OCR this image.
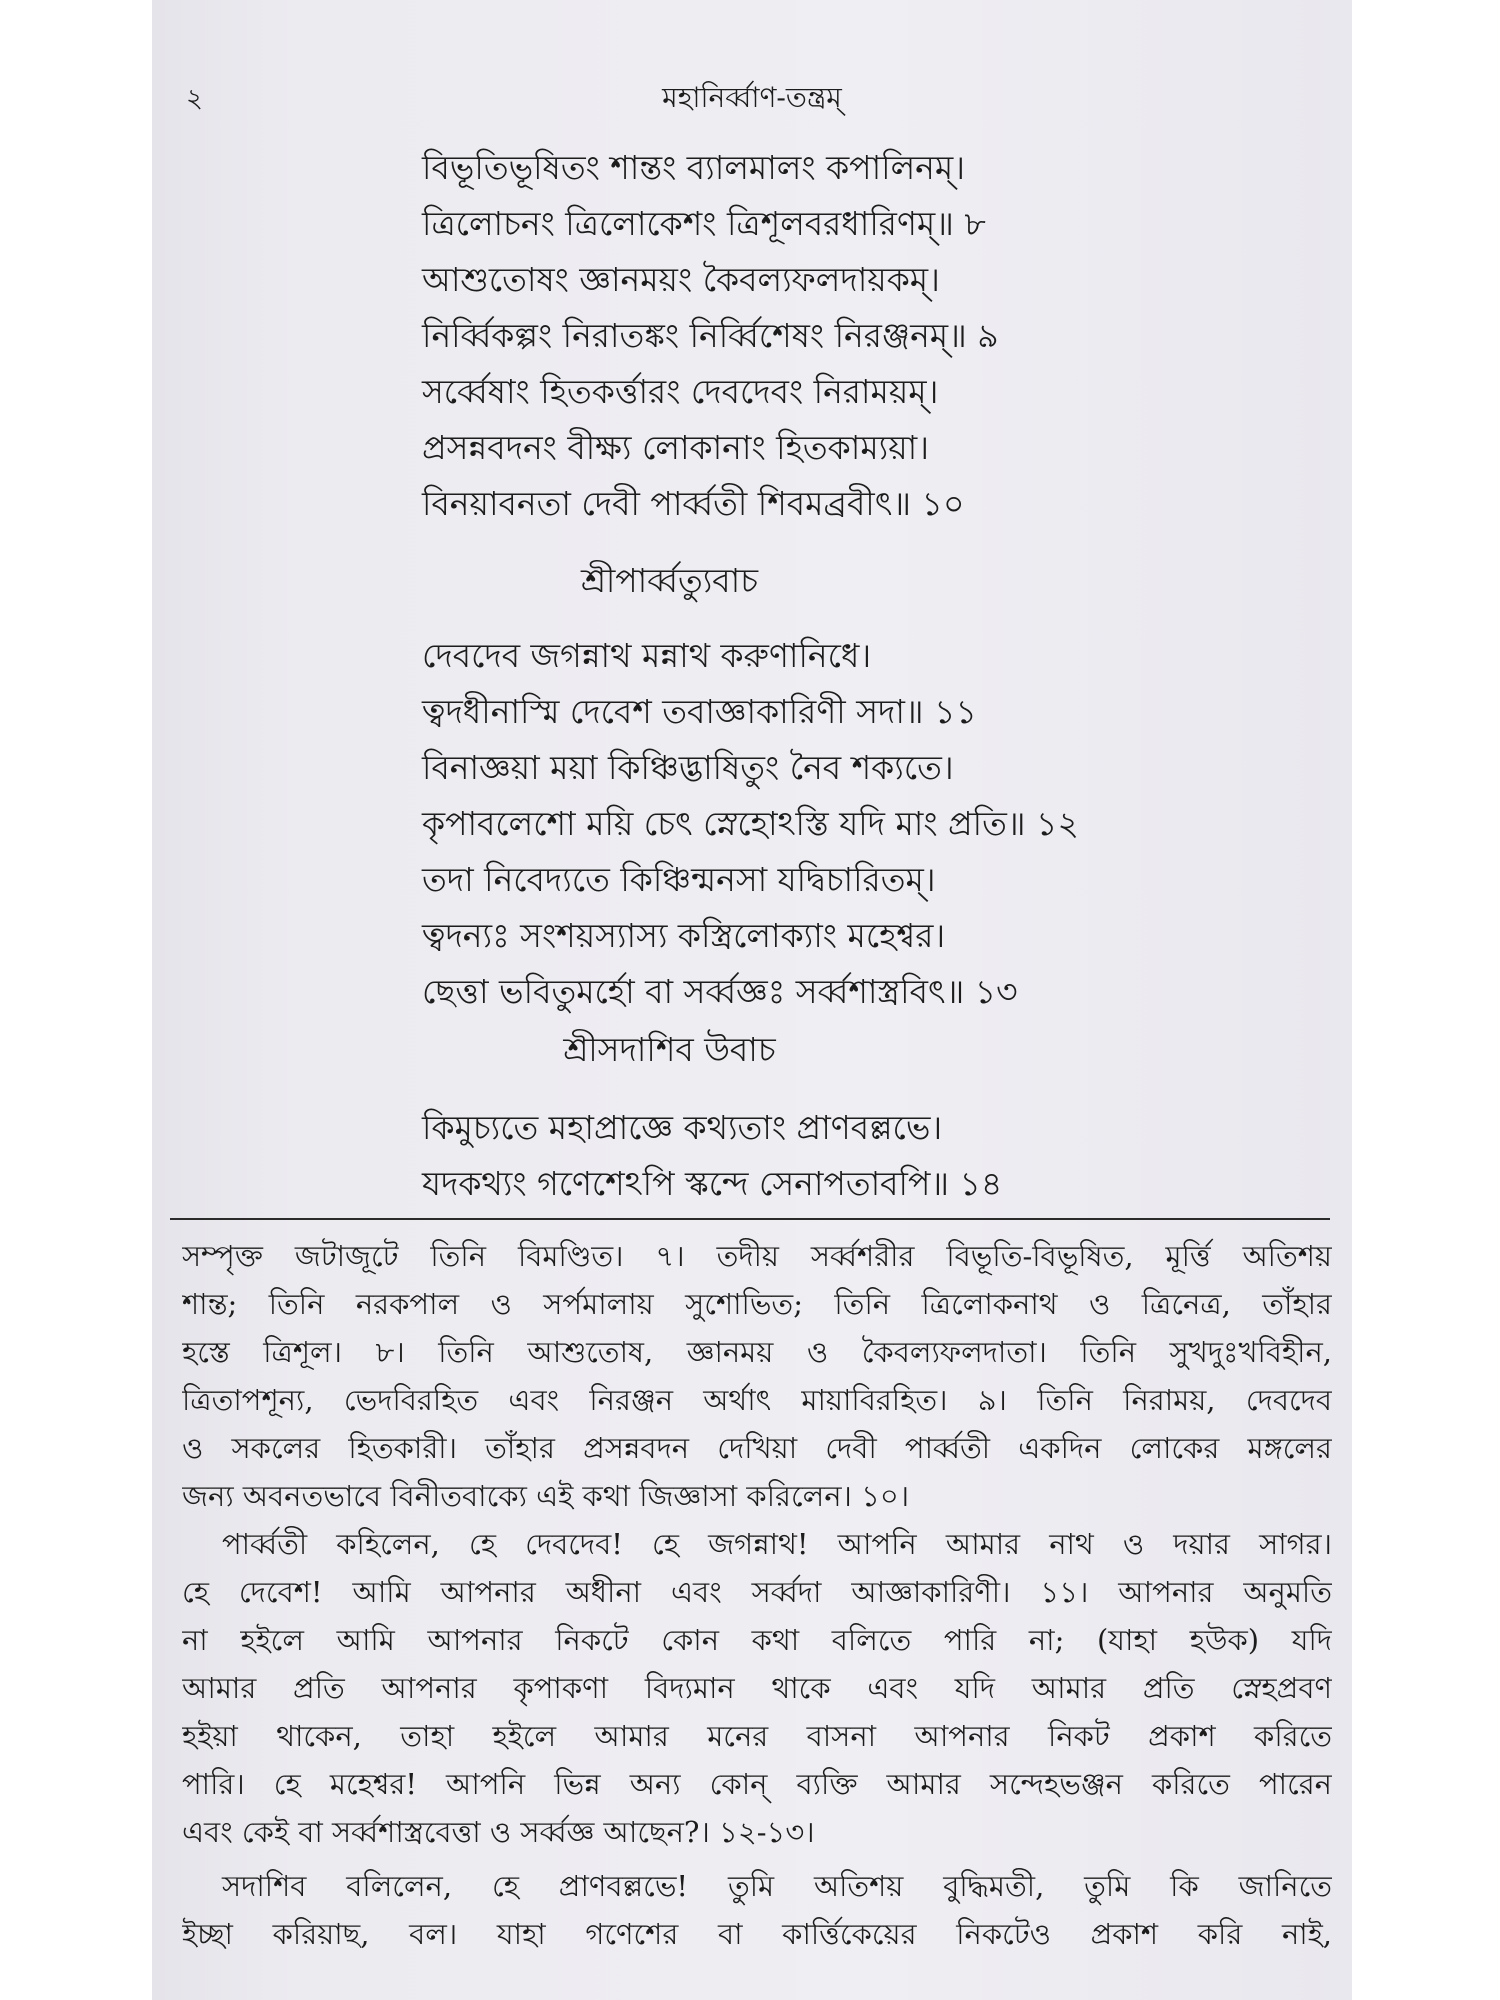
২	মহানির্ব্বাণ-তন্ত্রম্
বিভূতিভূষিতং শান্তং ব্যালমালং কপালিনম্।
ত্রিলোচনং ত্রিলোকেশং ত্রিশূলবরধারিণম্॥ ৮
আশুতোষং জ্ঞানময়ং কৈবল্যফলদায়কম্।
নির্ব্বিকল্পং নিরাতঙ্কং নির্ব্বিশেষং নিরঞ্জনম্॥ ৯
সর্ব্বেষাং হিতকর্ত্তারং দেবদেবং নিরাময়ম্।
প্রসন্নবদনং বীক্ষ্য লোকানাং হিতকাম্যয়া।
বিনয়াবনতা দেবী পার্ব্বতী শিবমব্রবীৎ॥ ১০
শ্রীপার্ব্বত্যুবাচ
দেবদেব জগন্নাথ মন্নাথ করুণানিধে।
ত্বদধীনাস্মি দেবেশ তবাজ্ঞাকারিণী সদা॥ ১১
বিনাজ্ঞয়া ময়া কিঞ্চিদ্ভাষিতুং নৈব শক্যতে।
কৃপাবলেশো ময়ি চেৎ স্নেহোঽস্তি যদি মাং প্রতি॥ ১২
তদা নিবেদ্যতে কিঞ্চিন্মনসা যদ্বিচারিতম্।
ত্বদন্যঃ সংশয়স্যাস্য কস্ত্রিলোক্যাং মহেশ্বর।
ছেত্তা ভবিতুমর্হো বা সর্ব্বজ্ঞঃ সর্ব্বশাস্ত্রবিৎ॥ ১৩
শ্রীসদাশিব উবাচ
কিমুচ্যতে মহাপ্রাজ্ঞে কথ্যতাং প্রাণবল্লভে।
যদকথ্যং গণেশেঽপি স্কন্দে সেনাপতাবপি॥ ১৪
সম্পৃক্ত জটাজূটে তিনি বিমণ্ডিত। ৭। তদীয় সর্ব্বশরীর বিভূতি-বিভূষিত, মূর্ত্তি অতিশয়
শান্ত; তিনি নরকপাল ও সর্পমালায় সুশোভিত; তিনি ত্রিলোকনাথ ও ত্রিনেত্র, তাঁহার
হস্তে ত্রিশূল। ৮। তিনি আশুতোষ, জ্ঞানময় ও কৈবল্যফলদাতা। তিনি সুখদুঃখবিহীন,
ত্রিতাপশূন্য, ভেদবিরহিত এবং নিরঞ্জন অর্থাৎ মায়াবিরহিত। ৯। তিনি নিরাময়, দেবদেব
ও সকলের হিতকারী। তাঁহার প্রসন্নবদন দেখিয়া দেবী পার্ব্বতী একদিন লোকের মঙ্গলের
জন্য অবনতভাবে বিনীতবাক্যে এই কথা জিজ্ঞাসা করিলেন। ১০।
পার্ব্বতী কহিলেন, হে দেবদেব! হে জগন্নাথ! আপনি আমার নাথ ও দয়ার সাগর।
হে দেবেশ! আমি আপনার অধীনা এবং সর্ব্বদা আজ্ঞাকারিণী। ১১। আপনার অনুমতি
না হইলে আমি আপনার নিকটে কোন কথা বলিতে পারি না; (যাহা হউক) যদি
আমার প্রতি আপনার কৃপাকণা বিদ্যমান থাকে এবং যদি আমার প্রতি স্নেহপ্রবণ
হইয়া থাকেন, তাহা হইলে আমার মনের বাসনা আপনার নিকট প্রকাশ করিতে
পারি। হে মহেশ্বর! আপনি ভিন্ন অন্য কোন্ ব্যক্তি আমার সন্দেহভঞ্জন করিতে পারেন
এবং কেই বা সর্ব্বশাস্ত্রবেত্তা ও সর্ব্বজ্ঞ আছেন?। ১২-১৩।
সদাশিব বলিলেন, হে প্রাণবল্লভে! তুমি অতিশয় বুদ্ধিমতী, তুমি কি জানিতে
ইচ্ছা করিয়াছ, বল। যাহা গণেশের বা কার্ত্তিকেয়ের নিকটেও প্রকাশ করি নাই,
